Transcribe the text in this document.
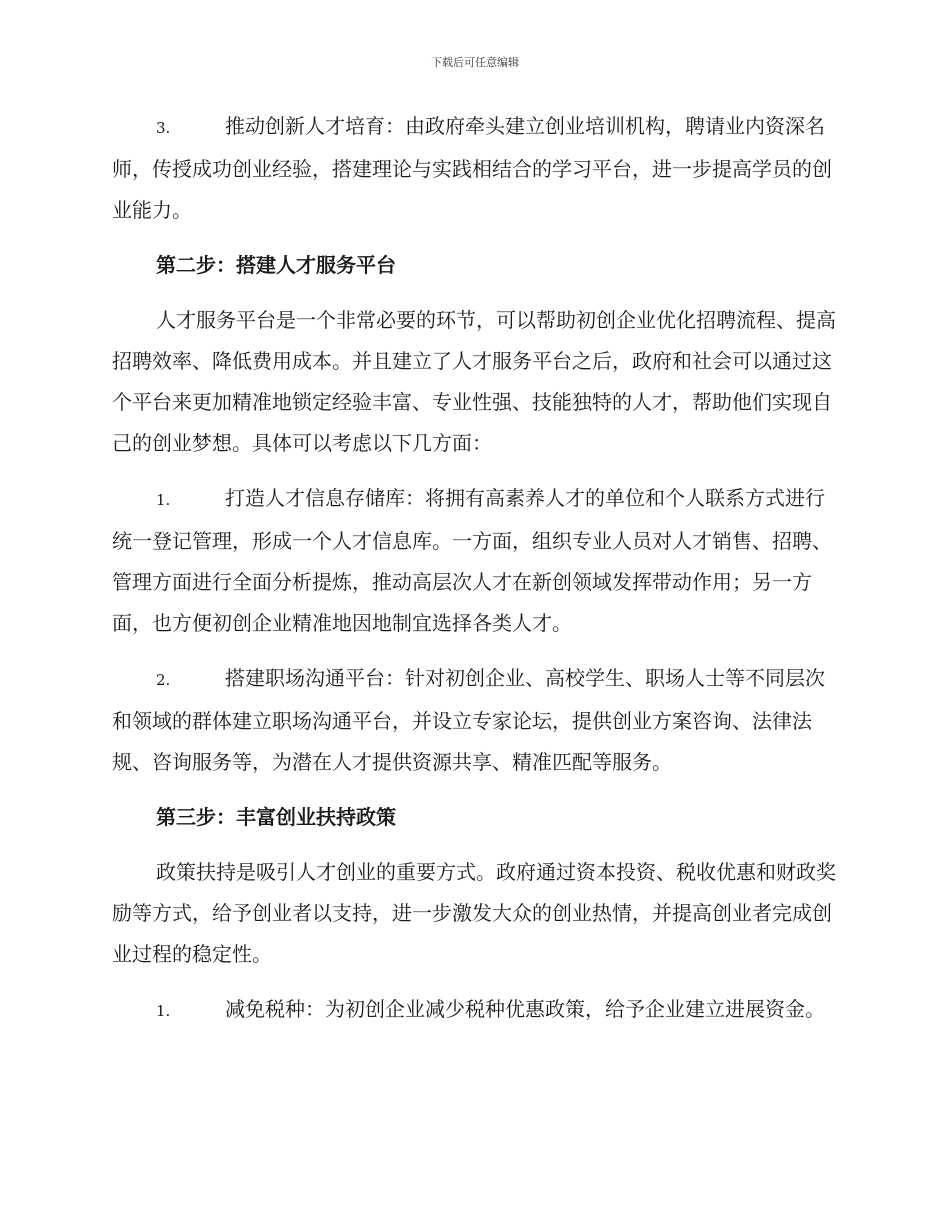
下载后可任意编辑

3.	推动创新人才培育：由政府牵头建立创业培训机构，聘请业内资深名师，传授成功创业经验，搭建理论与实践相结合的学习平台，进一步提高学员的创业能力。

第二步：搭建人才服务平台

人才服务平台是一个非常必要的环节，可以帮助初创企业优化招聘流程、提高招聘效率、降低费用成本。并且建立了人才服务平台之后，政府和社会可以通过这个平台来更加精准地锁定经验丰富、专业性强、技能独特的人才，帮助他们实现自己的创业梦想。具体可以考虑以下几方面：

1.	打造人才信息存储库：将拥有高素养人才的单位和个人联系方式进行统一登记管理，形成一个人才信息库。一方面，组织专业人员对人才销售、招聘、管理方面进行全面分析提炼，推动高层次人才在新创领域发挥带动作用；另一方面，也方便初创企业精准地因地制宜选择各类人才。

2.	搭建职场沟通平台：针对初创企业、高校学生、职场人士等不同层次和领域的群体建立职场沟通平台，并设立专家论坛，提供创业方案咨询、法律法规、咨询服务等，为潜在人才提供资源共享、精准匹配等服务。

第三步：丰富创业扶持政策

政策扶持是吸引人才创业的重要方式。政府通过资本投资、税收优惠和财政奖励等方式，给予创业者以支持，进一步激发大众的创业热情，并提高创业者完成创业过程的稳定性。

1.	减免税种：为初创企业减少税种优惠政策，给予企业建立进展资金。
